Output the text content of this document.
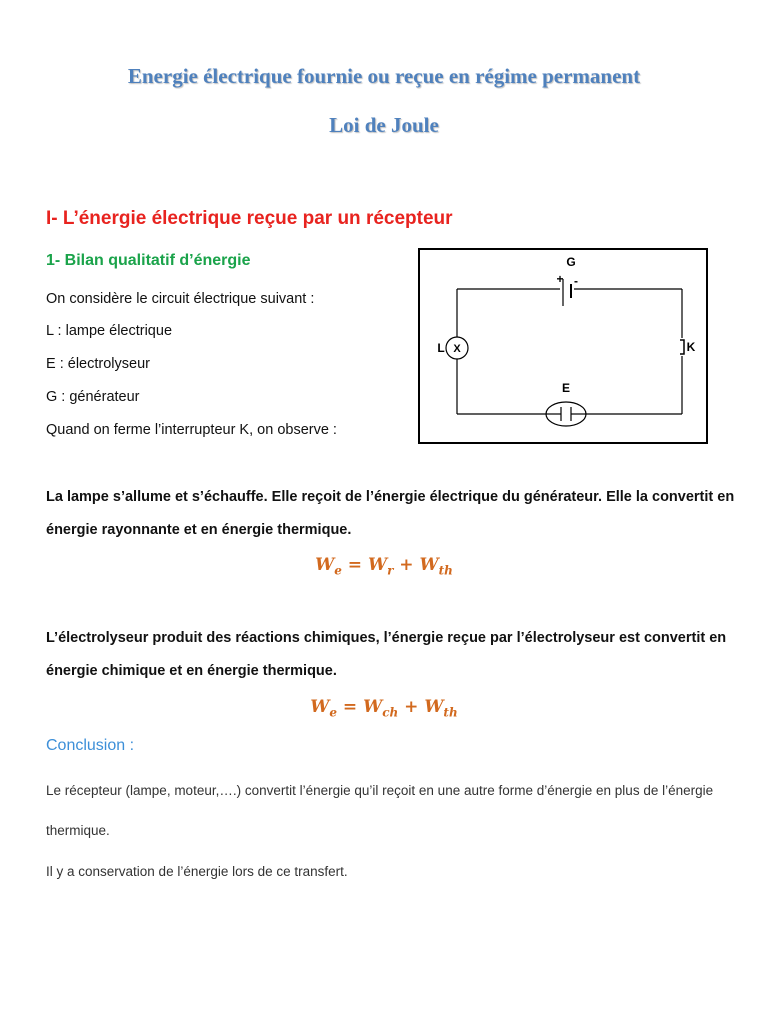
Energie électrique fournie ou reçue en régime permanent
Loi de Joule
I- L’énergie électrique reçue par un récepteur
1- Bilan qualitatif d’énergie
On considère le circuit électrique suivant :
L : lampe électrique
E : électrolyseur
G : générateur
Quand on ferme l’interrupteur K, on observe :
G
+ -
X
L	K
E
La lampe s’allume et s’échauffe. Elle reçoit de l’énergie électrique du générateur. Elle la convertit en énergie rayonnante et en énergie thermique.
$W_e = W_r + W_{th}$
L’électrolyseur produit des réactions chimiques, l’énergie reçue par l’électrolyseur est convertit en énergie chimique et en énergie thermique.
$W_e = W_{ch} + W_{th}$
Conclusion :
Le récepteur (lampe, moteur,….) convertit l’énergie qu’il reçoit en une autre forme d’énergie en plus de l’énergie thermique.
Il y a conservation de l’énergie lors de ce transfert.
